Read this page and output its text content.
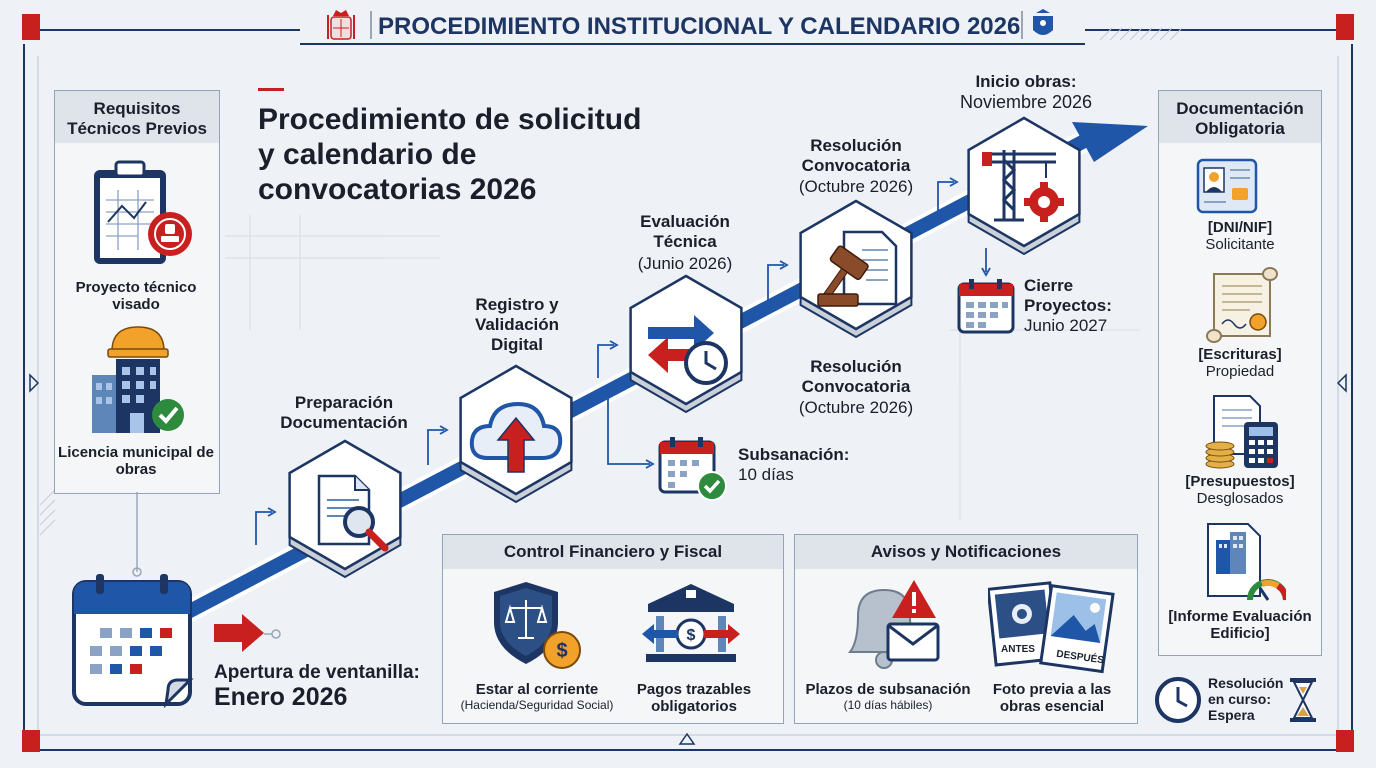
PROCEDIMIENTO INSTITUCIONAL Y CALENDARIO 2026
Procedimiento de solicitud y calendario de convocatorias 2026
Requisitos Técnicos Previos
Proyecto técnico visado
Licencia municipal de obras
Apertura de ventanilla:
Enero 2026
Preparación Documentación
Registro y Validación Digital
Evaluación Técnica
(Junio 2026)
Resolución Convocatoria
(Octubre 2026)
Inicio obras:
Noviembre 2026
Resolución Convocatoria
(Octubre 2026)
Subsanación:
10 días
Cierre Proyectos:
Junio 2027
Control Financiero y Fiscal
$
Estar al corriente
(Hacienda/Seguridad Social)
$
Pagos trazables obligatorios
Avisos y Notificaciones
Plazos de subsanación
(10 días hábiles)
ANTES DESPUÉS
Foto previa a las obras esencial
Documentación Obligatoria
[DNI/NIF]
Solicitante
[Escrituras]
Propiedad
[Presupuestos]
Desglosados
[Informe Evaluación Edificio]
Resolución en curso: Espera
